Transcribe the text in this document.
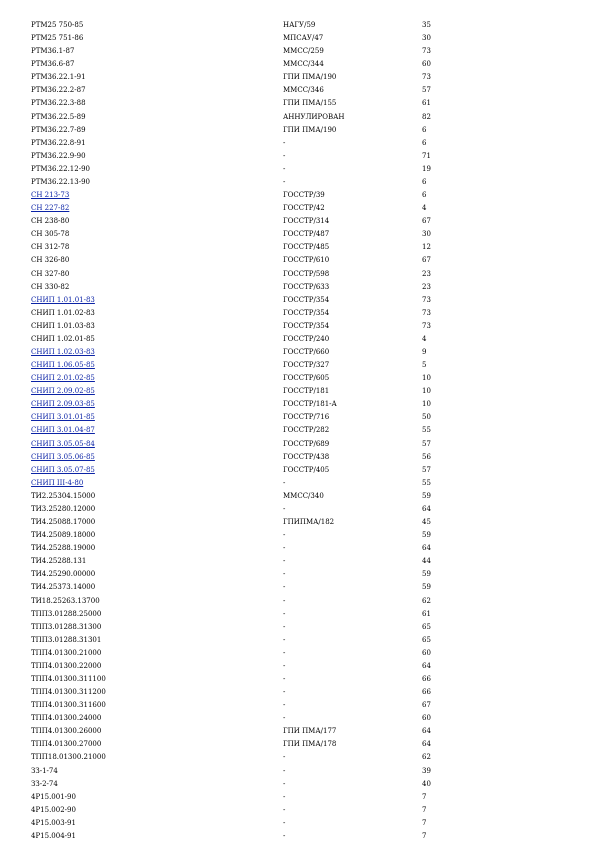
РТМ25 750-85	НАГУ/59	35
РТМ25 751-86	МПСАУ/47	30
РТМ36.1-87	ММСС/259	73
РТМ36.6-87	ММСС/344	60
РТМ36.22.1-91	ГПИ ПМА/190	73
РТМ36.22.2-87	ММСС/346	57
РТМ36.22.3-88	ГПИ ПМА/155	61
РТМ36.22.5-89	АННУЛИРОВАН	82
РТМ36.22.7-89	ГПИ ПМА/190	6
РТМ36.22.8-91	-	6
РТМ36.22.9-90	-	71
РТМ36.22.12-90	-	19
РТМ36.22.13-90	-	6
СН 213-73	ГОССТР/39	6
СН 227-82	ГОССТР/42	4
СН 238-80	ГОССТР/314	67
СН 305-78	ГОССТР/487	30
СН 312-78	ГОССТР/485	12
СН 326-80	ГОССТР/610	67
СН 327-80	ГОССТР/598	23
СН 330-82	ГОССТР/633	23
СНИП 1.01.01-83	ГОССТР/354	73
СНИП 1.01.02-83	ГОССТР/354	73
СНИП 1.01.03-83	ГОССТР/354	73
СНИП 1.02.01-85	ГОССТР/240	4
СНИП 1.02.03-83	ГОССТР/660	9
СНИП 1.06.05-85	ГОССТР/327	5
СНИП 2.01.02-85	ГОССТР/605	10
СНИП 2.09.02-85	ГОССТР/181	10
СНИП 2.09.03-85	ГОССТР/181-А	10
СНИП 3.01.01-85	ГОССТР/716	50
СНИП 3.01.04-87	ГОССТР/282	55
СНИП 3.05.05-84	ГОССТР/689	57
СНИП 3.05.06-85	ГОССТР/438	56
СНИП 3.05.07-85	ГОССТР/405	57
СНИП III-4-80	-	55
ТИ2.25304.15000	ММСС/340	59
ТИ3.25280.12000	-	64
ТИ4.25088.17000	ГПИПМА/182	45
ТИ4.25089.18000	-	59
ТИ4.25288.19000	-	64
ТИ4.25288.131	-	44
ТИ4.25290.00000	-	59
ТИ4.25373.14000	-	59
ТИ18.25263.13700	-	62
ТПП3.01288.25000	-	61
ТПП3.01288.31300	-	65
ТПП3.01288.31301	-	65
ТПП4.01300.21000	-	60
ТПП4.01300.22000	-	64
ТПП4.01300.311100	-	66
ТПП4.01300.311200	-	66
ТПП4.01300.311600	-	67
ТПП4.01300.24000	-	60
ТПП4.01300.26000	ГПИ ПМА/177	64
ТПП4.01300.27000	ГПИ ПМА/178	64
ТПП18.01300.21000	-	62
ЗЗ-1-74	-	39
ЗЗ-2-74	-	40
4Р15.001-90	-	7
4Р15.002-90	-	7
4Р15.003-91	-	7
4Р15.004-91	-	7
